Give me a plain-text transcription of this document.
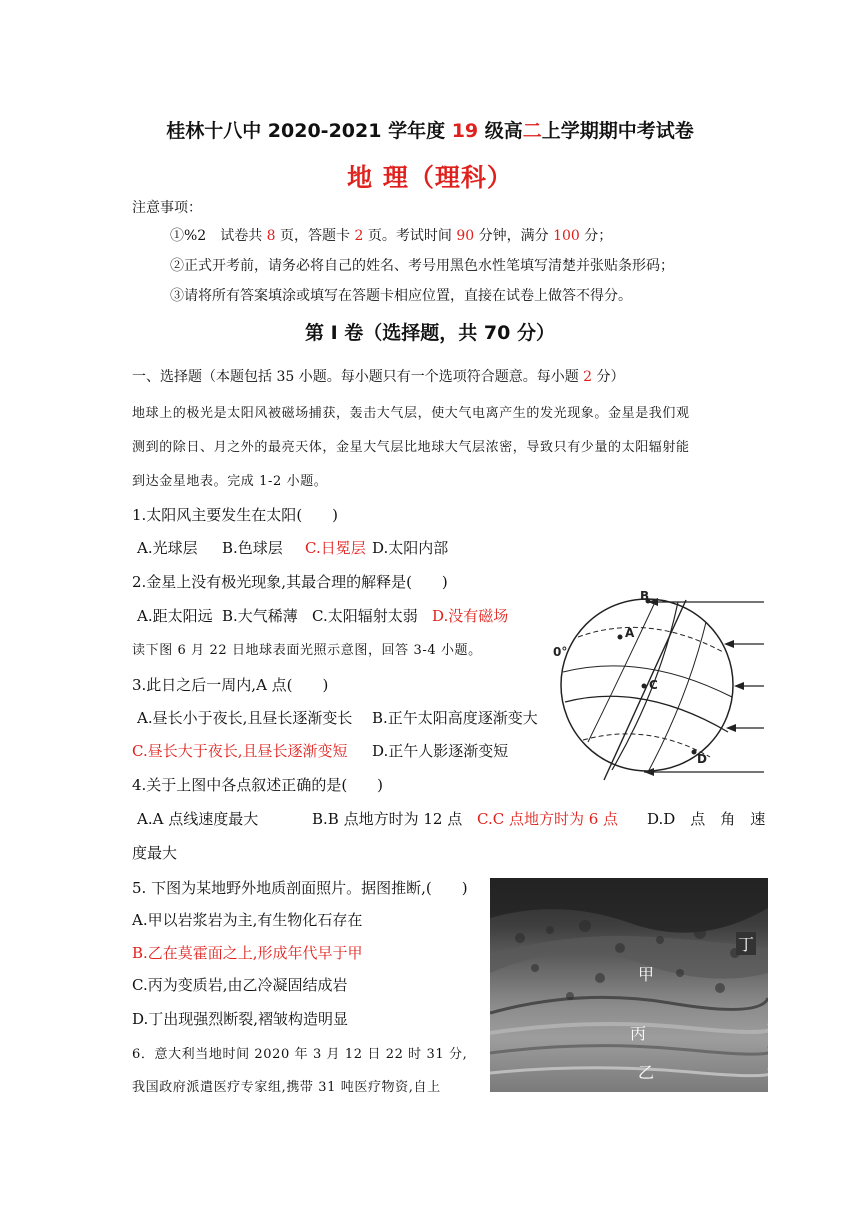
桂林十八中 2020-2021 学年度 19 级高二上学期期中考试卷
地 理（理科）
注意事项：
①%2　试卷共 8 页，答题卡 2 页。考试时间 90 分钟，满分 100 分；
②正式开考前，请务必将自己的姓名、考号用黑色水性笔填写清楚并张贴条形码；
③请将所有答案填涂或填写在答题卡相应位置，直接在试卷上做答不得分。
第 Ⅰ 卷（选择题，共 70 分）
一、选择题（本题包括 35 小题。每小题只有一个选项符合题意。每小题 2 分）
地球上的极光是太阳风被磁场捕获，轰击大气层，使大气电离产生的发光现象。金星是我们观
测到的除日、月之外的最亮天体，金星大气层比地球大气层浓密，导致只有少量的太阳辐射能
到达金星地表。完成 1-2 小题。
1.太阳风主要发生在太阳(　　)
A.光球层 B.色球层 C.日冕层 D.太阳内部
2.金星上没有极光现象,其最合理的解释是(　　)
A.距太阳远 B.大气稀薄 C.太阳辐射太弱 D.没有磁场
读下图 6 月 22 日地球表面光照示意图，回答 3-4 小题。
3.此日之后一周内,A 点(　　)
A.昼长小于夜长,且昼长逐渐变长 B.正午太阳高度逐渐变大
C.昼长大于夜长,且昼长逐渐变短 D.正午人影逐渐变短
4.关于上图中各点叙述正确的是(　　)
A.A 点线速度最大	B.B 点地方时为 12 点 C.C 点地方时为 6 点 D.D　点　角　速
度最大
5. 下图为某地野外地质剖面照片。据图推断,(　　)
A.甲以岩浆岩为主,有生物化石存在
B.乙在莫霍面之上,形成年代早于甲
C.丙为变质岩,由乙冷凝固结成岩
D.丁出现强烈断裂,褶皱构造明显
6．意大利当地时间 2020 年 3 月 12 日 22 时 31 分,
我国政府派遣医疗专家组,携带 31 吨医疗物资,自上
B
A
C
D
0°
丁
甲
丙
乙
